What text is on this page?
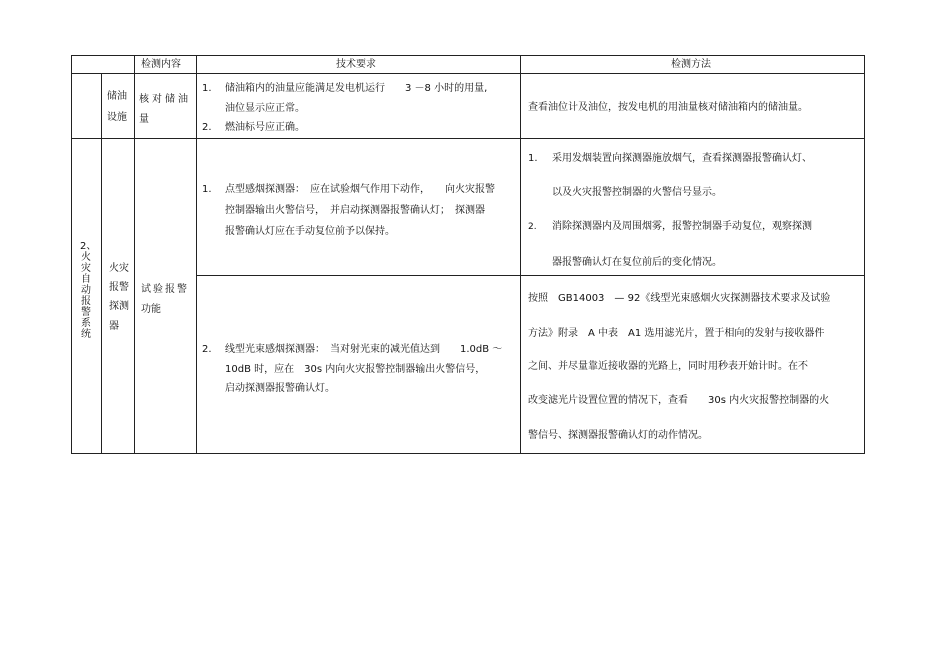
检测内容	技术要求	检测方法
储油
设施
核对储油
量
1. 储油箱内的油量应能满足发电机运行　　3 －8 小时的用量,
油位显示应正常。
2. 燃油标号应正确。
查看油位计及油位，按发电机的用油量核对储油箱内的储油量。
2、火灾自动报警系统
火灾
报警
探测
器
试验报警
功能
1. 点型感烟探测器：　应在试验烟气作用下动作，　　向火灾报警
控制器输出火警信号，　并启动探测器报警确认灯；　探测器
报警确认灯应在手动复位前予以保持。
1. 采用发烟装置向探测器施放烟气，查看探测器报警确认灯、
以及火灾报警控制器的火警信号显示。
2. 消除探测器内及周围烟雾，报警控制器手动复位，观察探测
器报警确认灯在复位前后的变化情况。
2. 线型光束感烟探测器：　当对射光束的减光值达到　　1.0dB ～
10dB 时，应在　30s 内向火灾报警控制器输出火警信号，
启动探测器报警确认灯。
按照　GB14003　— 92《线型光束感烟火灾探测器技术要求及试验
方法》附录　A 中表　A1 选用滤光片，置于相向的发射与接收器件
之间、并尽量靠近接收器的光路上，同时用秒表开始计时。在不
改变滤光片设置位置的情况下，查看　　30s 内火灾报警控制器的火
警信号、探测器报警确认灯的动作情况。
